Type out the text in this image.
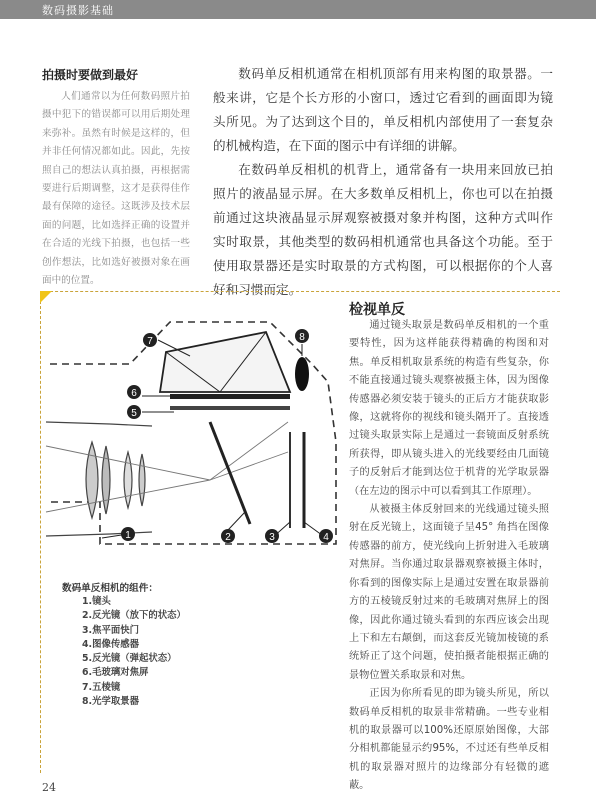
数码摄影基础
拍摄时要做到最好
人们通常以为任何数码照片拍摄中犯下的错误都可以用后期处理来弥补。虽然有时候是这样的，但并非任何情况都如此。因此，先按照自己的想法认真拍摄，再根据需要进行后期调整，这才是获得佳作最有保障的途径。这既涉及技术层面的问题，比如选择正确的设置并在合适的光线下拍摄，也包括一些创作想法，比如选好被摄对象在画面中的位置。

数码单反相机通常在相机顶部有用来构图的取景器。一般来讲，它是个长方形的小窗口，透过它看到的画面即为镜头所见。为了达到这个目的，单反相机内部使用了一套复杂的机械构造，在下面的图示中有详细的讲解。

在数码单反相机的机背上，通常备有一块用来回放已拍照片的液晶显示屏。在大多数单反相机上，你也可以在拍摄前通过这块液晶显示屏观察被摄对象并构图，这种方式叫作实时取景，其他类型的数码相机通常也具备这个功能。至于使用取景器还是实时取景的方式构图，可以根据你的个人喜好和习惯而定。

1	2	3	4
5
6
7	8
数码单反相机的组件：
1.镜头
2.反光镜（放下的状态）
3.焦平面快门
4.图像传感器
5.反光镜（弹起状态）
6.毛玻璃对焦屏
7.五棱镜
8.光学取景器
检视单反

通过镜头取景是数码单反相机的一个重要特性，因为这样能获得精确的构图和对焦。单反相机取景系统的构造有些复杂，你不能直接通过镜头观察被摄主体，因为图像传感器必须安装于镜头的正后方才能获取影像，这就将你的视线和镜头隔开了。直接透过镜头取景实际上是通过一套镜面反射系统所获得，即从镜头进入的光线要经由几面镜子的反射后才能到达位于机背的光学取景器（在左边的图示中可以看到其工作原理）。

从被摄主体反射回来的光线通过镜头照射在反光镜上，这面镜子呈45° 角挡在图像传感器的前方，使光线向上折射进入毛玻璃对焦屏。当你通过取景器观察被摄主体时，你看到的图像实际上是通过安置在取景器前方的五棱镜反射过来的毛玻璃对焦屏上的图像，因此你通过镜头看到的东西应该会出现上下和左右颠倒，而这套反光镜加棱镜的系统矫正了这个问题，使拍摄者能根据正确的景物位置关系取景和对焦。

正因为你所看见的即为镜头所见，所以数码单反相机的取景非常精确。一些专业相机的取景器可以100%还原原始图像，大部分相机都能显示约95%，不过还有些单反相机的取景器对照片的边缘部分有轻微的遮蔽。

24
